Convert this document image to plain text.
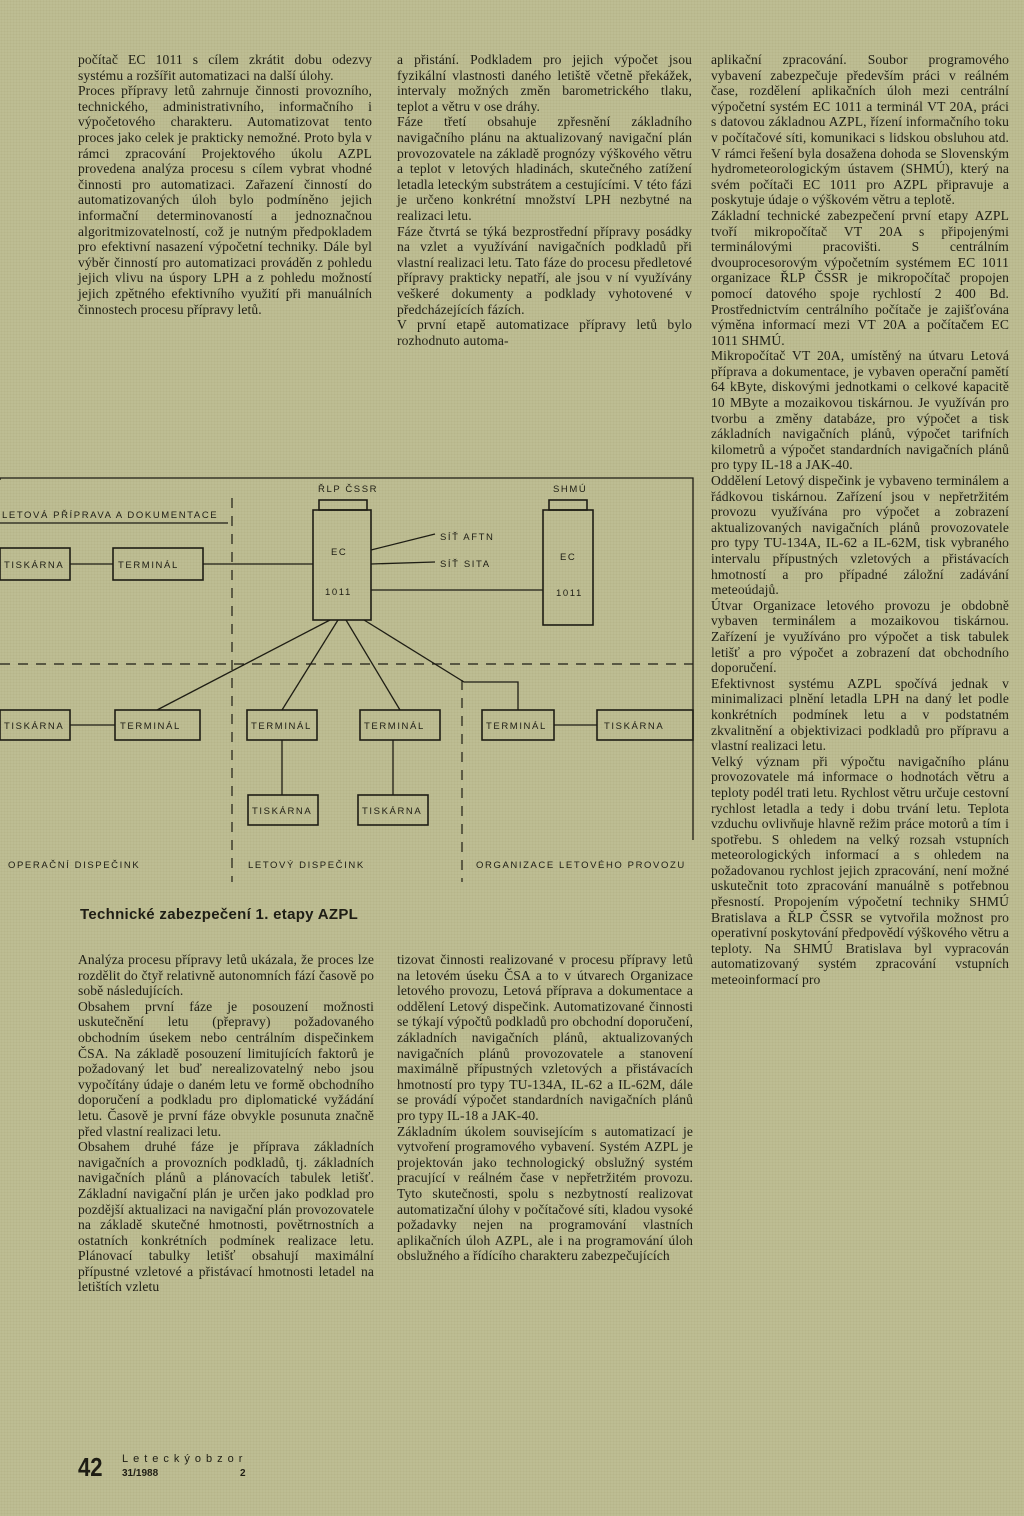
počítač EC 1011 s cílem zkrátit dobu odezvy systému a rozšířit automatizaci na další úlohy.
Proces přípravy letů zahrnuje činnosti provozního, technického, administrativního, informačního i výpočetového charakteru. Automatizovat tento proces jako celek je prakticky nemožné. Proto byla v rámci zpracování Projektového úkolu AZPL provedena analýza procesu s cílem vybrat vhodné činnosti pro automatizaci. Zařazení činností do automatizovaných úloh bylo podmíněno jejich informační determinovaností a jednoznačnou algoritmizovatelností, což je nutným předpokladem pro efektivní nasazení výpočetní techniky. Dále byl výběr činností pro automatizaci prováděn z pohledu jejich vlivu na úspory LPH a z pohledu možností jejich zpětného efektivního využití při manuálních činnostech procesu přípravy letů.
a přistání. Podkladem pro jejich výpočet jsou fyzikální vlastnosti daného letiště včetně překážek, intervaly možných změn barometrického tlaku, teplot a větru v ose dráhy.
Fáze třetí obsahuje zpřesnění základního navigačního plánu na aktualizovaný navigační plán provozovatele na základě prognózy výškového větru a teplot v letových hladinách, skutečného zatížení letadla leteckým substrátem a cestujícími. V této fázi je určeno konkrétní množství LPH nezbytné na realizaci letu.
Fáze čtvrtá se týká bezprostřední přípravy posádky na vzlet a využívání navigačních podkladů při vlastní realizaci letu. Tato fáze do procesu předletové přípravy prakticky nepatří, ale jsou v ní využívány veškeré dokumenty a podklady vyhotovené v předcházejících fázích.
V první etapě automatizace přípravy letů bylo rozhodnuto automa-
aplikační zpracování. Soubor programového vybavení zabezpečuje především práci v reálném čase, rozdělení aplikačních úloh mezi centrální výpočetní systém EC 1011 a terminál VT 20A, práci s datovou základnou AZPL, řízení informačního toku v počítačové síti, komunikaci s lidskou obsluhou atd. V rámci řešení byla dosažena dohoda se Slovenským hydrometeorologickým ústavem (SHMÚ), který na svém počítači EC 1011 pro AZPL připravuje a poskytuje údaje o výškovém větru a teplotě.
Základní technické zabezpečení první etapy AZPL tvoří mikropočítač VT 20A s připojenými terminálovými pracovišti. S centrálním dvouprocesorovým výpočetním systémem EC 1011 organizace ŘLP ČSSR je mikropočítač propojen pomocí datového spoje rychlostí 2 400 Bd. Prostřednictvím centrálního počítače je zajišťována výměna informací mezi VT 20A a počítačem EC 1011 SHMÚ.
Mikropočítač VT 20A, umístěný na útvaru Letová příprava a dokumentace, je vybaven operační pamětí 64 kByte, diskovými jednotkami o celkové kapacitě 10 MByte a mozaikovou tiskárnou. Je využíván pro tvorbu a změny databáze, pro výpočet a tisk základních navigačních plánů, výpočet tarifních kilometrů a výpočet standardních navigačních plánů pro typy IL-18 a JAK-40.
Oddělení Letový dispečink je vybaveno terminálem a řádkovou tiskárnou. Zařízení jsou v nepřetržitém provozu využívána pro výpočet a zobrazení aktualizovaných navigačních plánů provozovatele pro typy TU-134A, IL-62 a IL-62M, tisk vybraného intervalu přípustných vzletových a přistávacích hmotností a pro případné záložní zadávání meteoúdajů.
Útvar Organizace letového provozu je obdobně vybaven terminálem a mozaikovou tiskárnou. Zařízení je využíváno pro výpočet a tisk tabulek letišť a pro výpočet a zobrazení dat obchodního doporučení.
Efektivnost systému AZPL spočívá jednak v minimalizaci plnění letadla LPH na daný let podle konkrétních podmínek letu a v podstatném zkvalitnění a objektivizaci podkladů pro přípravu a vlastní realizaci letu.
Velký význam při výpočtu navigačního plánu provozovatele má informace o hodnotách větru a teploty podél trati letu. Rychlost větru určuje cestovní rychlost letadla a tedy i dobu trvání letu. Teplota vzduchu ovlivňuje hlavně režim práce motorů a tím i spotřebu. S ohledem na velký rozsah vstupních meteorologických informací a s ohledem na požadovanou rychlost jejich zpracování, není možné uskutečnit toto zpracování manuálně s potřebnou přesností. Propojením výpočetní techniky SHMÚ Bratislava a ŘLP ČSSR se vytvořila možnost pro operativní poskytování předpovědí výškového větru a teploty. Na SHMÚ Bratislava byl vypracován automatizovaný systém zpracování vstupních meteoinformací pro
ŘLP ČSSR	SHMÚ
LETOVÁ PŘÍPRAVA A DOKUMENTACE
EC
1011
EC
1011
SÍŤ AFTN
SÍŤ SITA
TISKÁRNA	TERMINÁL
TISKÁRNA	TERMINÁL	TERMINÁL
TISKÁRNA
TERMINÁL
TISKÁRNA
TERMINÁL	TISKÁRNA
OPERAČNÍ DISPEČINK	LETOVÝ DISPEČINK	ORGANIZACE LETOVÉHO PROVOZU
Technické zabezpečení 1. etapy AZPL
Analýza procesu přípravy letů ukázala, že proces lze rozdělit do čtyř relativně autonomních fází časově po sobě následujících.
Obsahem první fáze je posouzení možnosti uskutečnění letu (přepravy) požadovaného obchodním úsekem nebo centrálním dispečinkem ČSA. Na základě posouzení limitujících faktorů je požadovaný let buď nerealizovatelný nebo jsou vypočítány údaje o daném letu ve formě obchodního doporučení a podkladu pro diplomatické vyžádání letu. Časově je první fáze obvykle posunuta značně před vlastní realizaci letu.
Obsahem druhé fáze je příprava základních navigačních a provozních podkladů, tj. základních navigačních plánů a plánovacích tabulek letišť. Základní navigační plán je určen jako podklad pro pozdější aktualizaci na navigační plán provozovatele na základě skutečné hmotnosti, povětrnostních a ostatních konkrétních podmínek realizace letu. Plánovací tabulky letišť obsahují maximální přípustné vzletové a přistávací hmotnosti letadel na letištích vzletu
tizovat činnosti realizované v procesu přípravy letů na letovém úseku ČSA a to v útvarech Organizace letového provozu, Letová příprava a dokumentace a oddělení Letový dispečink. Automatizované činnosti se týkají výpočtů podkladů pro obchodní doporučení, základních navigačních plánů, aktualizovaných navigačních plánů provozovatele a stanovení maximálně přípustných vzletových a přistávacích hmotností pro typy TU-134A, IL-62 a IL-62M, dále se provádí výpočet standardních navigačních plánů pro typy IL-18 a JAK-40.
Základním úkolem souvisejícím s automatizací je vytvoření programového vybavení. Systém AZPL je projektován jako technologický obslužný systém pracující v reálném čase v nepřetržitém provozu. Tyto skutečnosti, spolu s nezbytností realizovat automatizační úlohy v počítačové síti, kladou vysoké požadavky nejen na programování vlastních aplikačních úloh AZPL, ale i na programování úloh obslužného a řídícího charakteru zabezpečujících
42 Leteckýobzor
31/1988	2
